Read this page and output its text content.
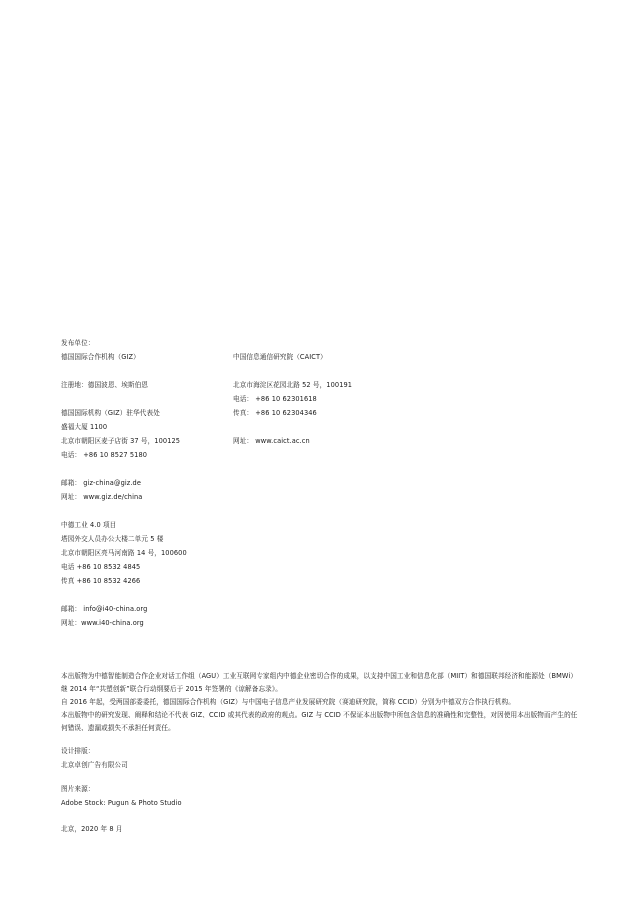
发布单位：
德国国际合作机构（GIZ）	中国信息通信研究院（CAICT）
注册地：德国波恩、埃斯伯恩
德国国际机构（GIZ）驻华代表处
盛福大厦 1100
北京市朝阳区麦子店街 37 号，100125
电话： +86 10 8527 5180
邮箱： giz-china@giz.de
网址： www.giz.de/china
北京市海淀区花园北路 52 号，100191
电话： +86 10 62301618
传真： +86 10 62304346
网址： www.caict.ac.cn
中德工业 4.0 项目
塔园外交人员办公大楼二单元 5 楼
北京市朝阳区亮马河南路 14 号，100600
电话 +86 10 8532 4845
传真 +86 10 8532 4266
邮箱： info@i40-china.org
网址：www.i40-china.org
本出版物为中德智能制造合作企业对话工作组（AGU）工业互联网专家组内中德企业密切合作的成果，以支持中国工业和信息化部（MIIT）和德国联邦经济和能源处（BMWi）继 2014 年“共塑创新”联合行动纲要后于 2015 年签署的《谅解备忘录》。
自 2016 年起，受两国部委委托，德国国际合作机构（GIZ）与中国电子信息产业发展研究院（赛迪研究院，简称 CCID）分别为中德双方合作执行机构。
本出版物中的研究发现、阐释和结论不代表 GIZ、CCID 或其代表的政府的观点。GIZ 与 CCID 不保证本出版物中所包含信息的准确性和完整性，对因使用本出版物而产生的任何错误、遗漏或损失不承担任何责任。
设计排版：
北京卓创广告有限公司
图片来源：
Adobe Stock: Pugun & Photo Studio
北京，2020 年 8 月
